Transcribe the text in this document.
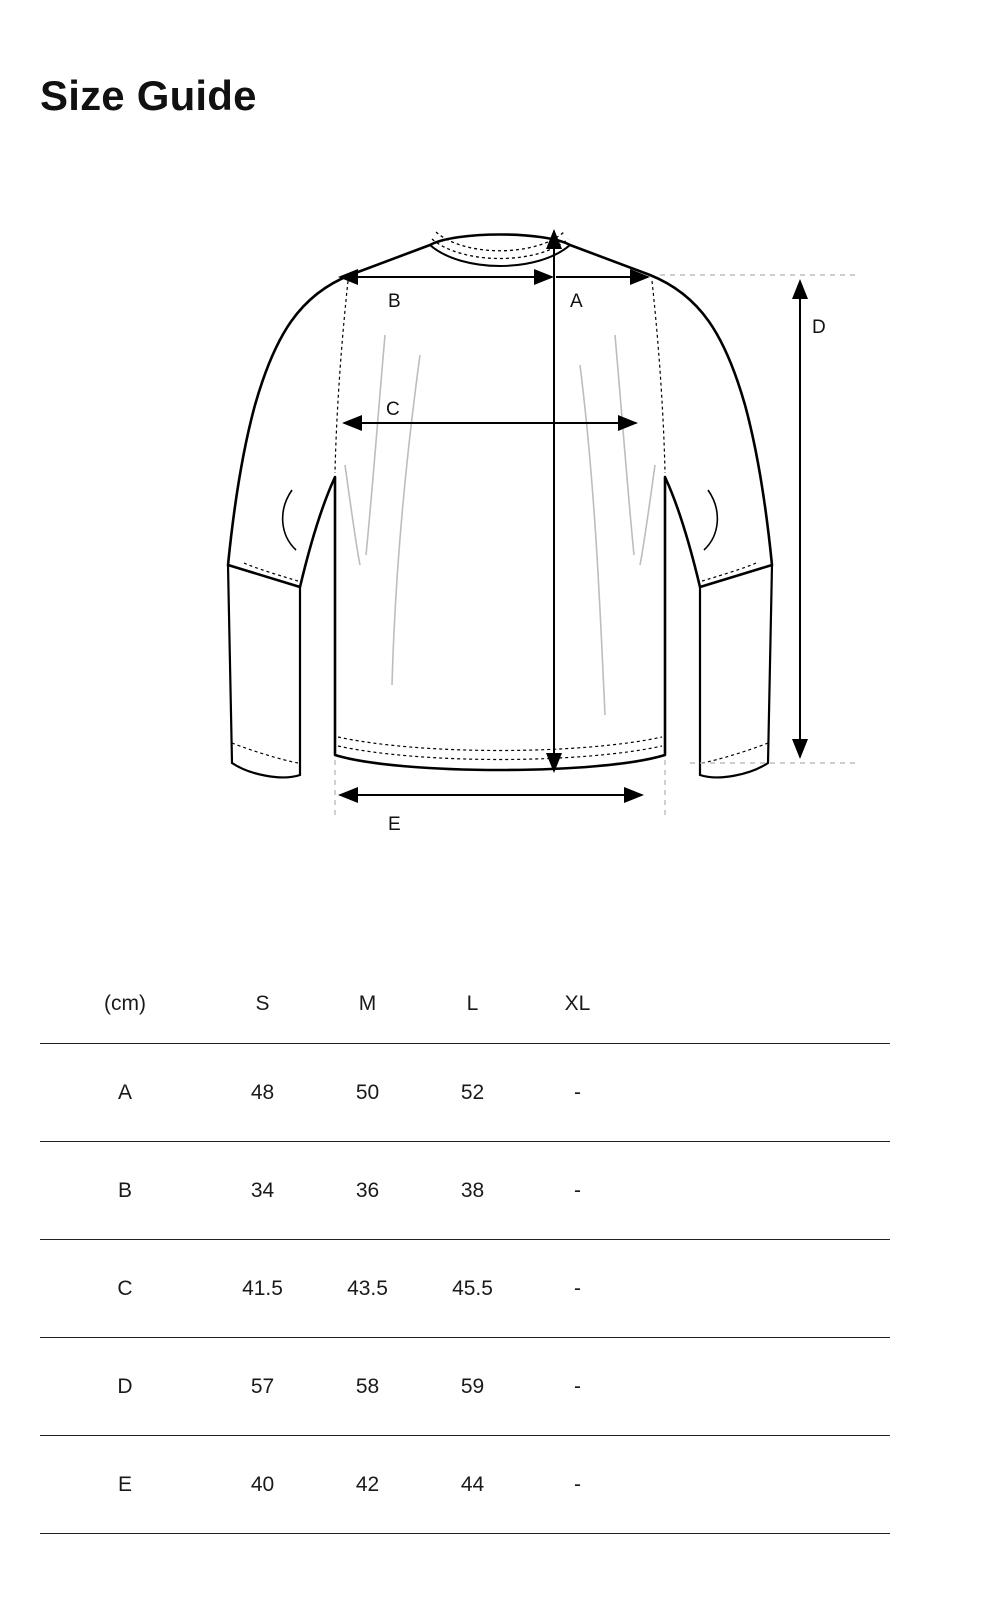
Size Guide
B	A
C
D
E
(cm)	S	M	L	XL	
A	48	50	52	-	
B	34	36	38	-	
C	41.5	43.5	45.5	-	
D	57	58	59	-	
E	40	42	44	-	
